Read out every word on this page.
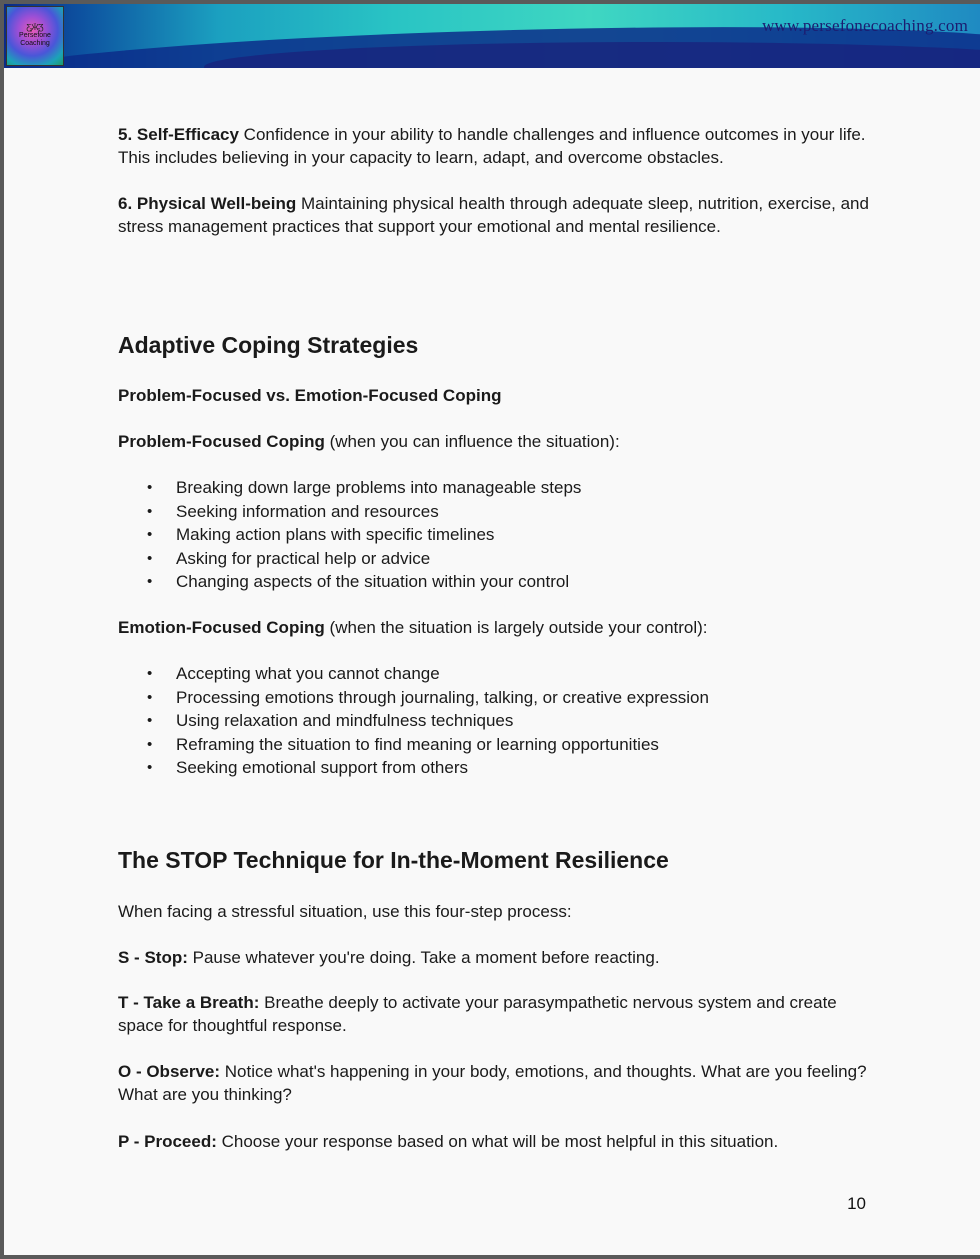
www.persefonecoaching.com

Ƹ̵̡Ӝ̵̨̄Ʒ
Persefone Coaching

5. Self-Efficacy Confidence in your ability to handle challenges and influence outcomes in your life. This includes believing in your capacity to learn, adapt, and overcome obstacles.

6. Physical Well-being Maintaining physical health through adequate sleep, nutrition, exercise, and stress management practices that support your emotional and mental resilience.

Adaptive Coping Strategies

Problem-Focused vs. Emotion-Focused Coping

Problem-Focused Coping (when you can influence the situation):

• Breaking down large problems into manageable steps
• Seeking information and resources
• Making action plans with specific timelines
• Asking for practical help or advice
• Changing aspects of the situation within your control

Emotion-Focused Coping (when the situation is largely outside your control):

• Accepting what you cannot change
• Processing emotions through journaling, talking, or creative expression
• Using relaxation and mindfulness techniques
• Reframing the situation to find meaning or learning opportunities
• Seeking emotional support from others
The STOP Technique for In-the-Moment Resilience

When facing a stressful situation, use this four-step process:

S - Stop: Pause whatever you're doing. Take a moment before reacting.

T - Take a Breath: Breathe deeply to activate your parasympathetic nervous system and create space for thoughtful response.

O - Observe: Notice what's happening in your body, emotions, and thoughts. What are you feeling? What are you thinking?

P - Proceed: Choose your response based on what will be most helpful in this situation.

10
